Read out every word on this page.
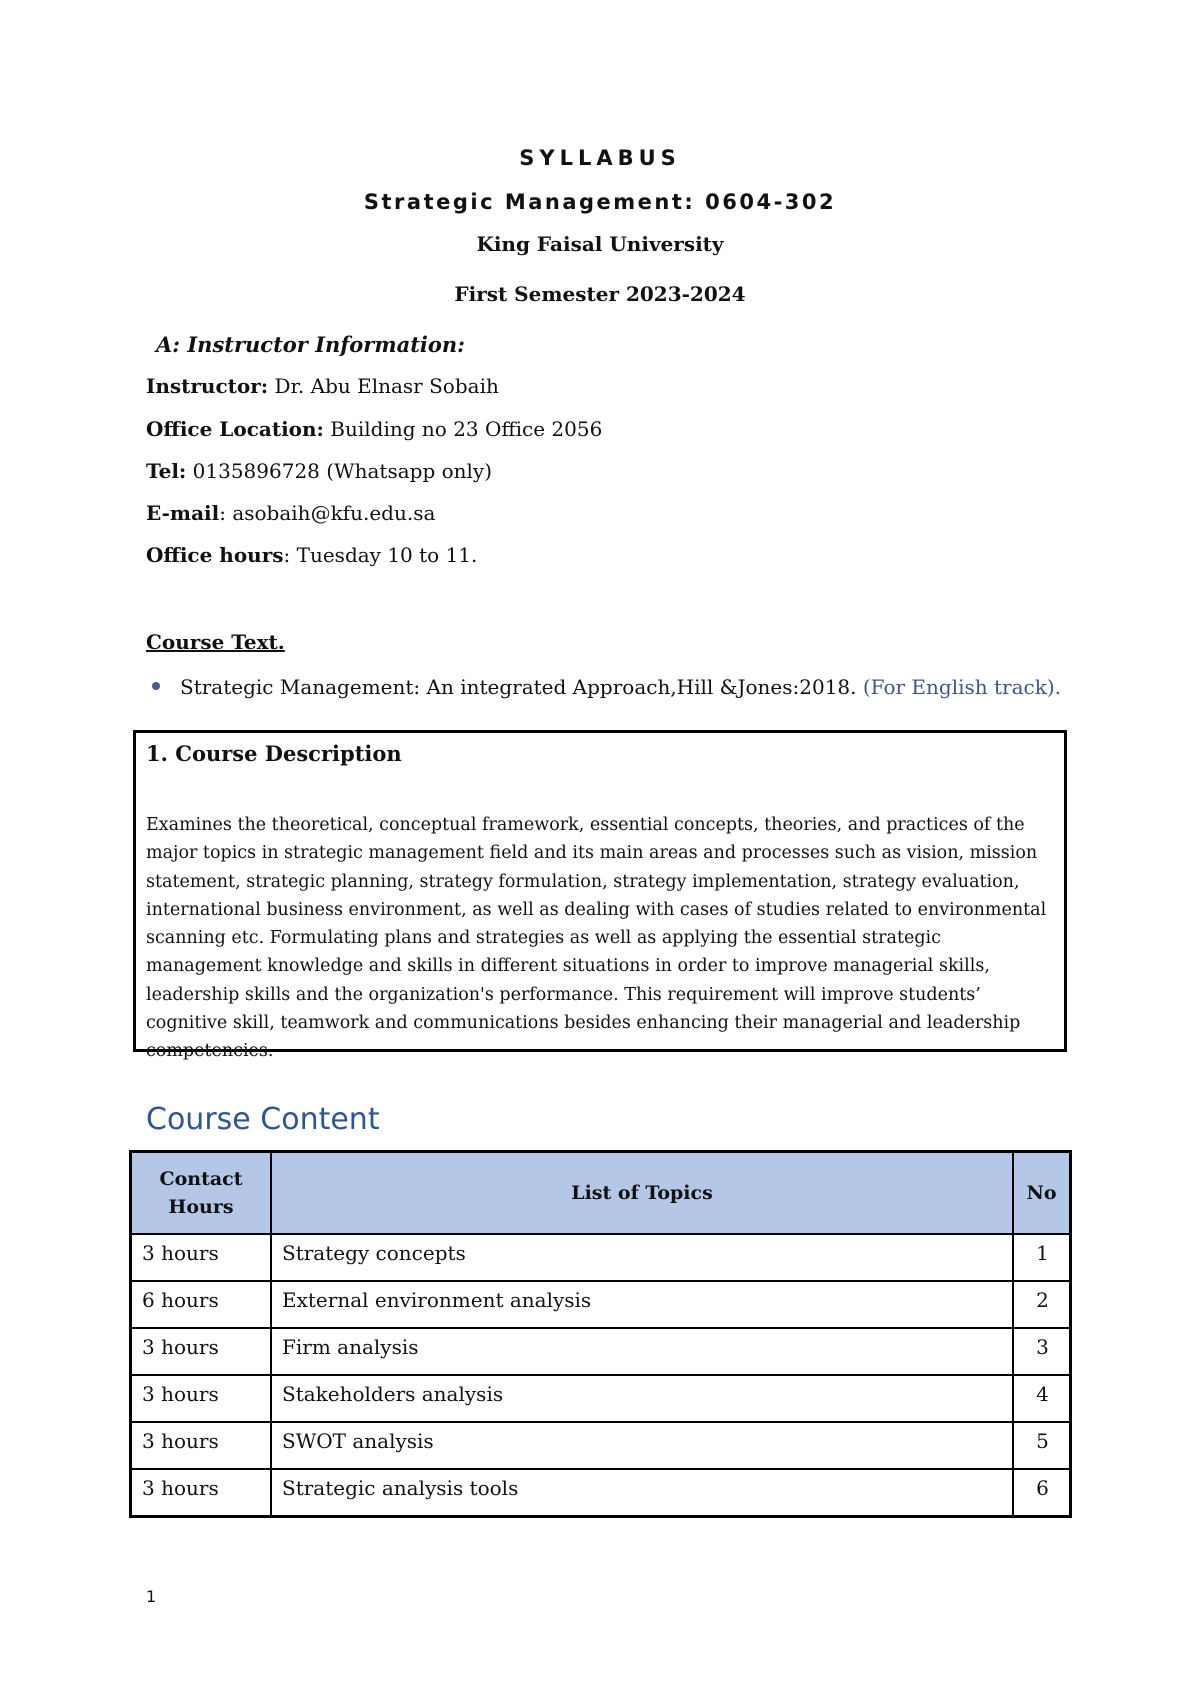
SYLLABUS
Strategic Management: 0604-302
King Faisal University
First Semester 2023-2024
A: Instructor Information:
Instructor: Dr. Abu Elnasr Sobaih
Office Location: Building no 23 Office 2056
Tel: 0135896728 (Whatsapp only)
E-mail: asobaih@kfu.edu.sa
Office hours: Tuesday 10 to 11.
Course Text.
Strategic Management: An integrated Approach,Hill &Jones:2018. (For English track).
1. Course Description
Examines the theoretical, conceptual framework, essential concepts, theories, and practices of the major topics in strategic management field and its main areas and processes such as vision, mission statement, strategic planning, strategy formulation, strategy implementation, strategy evaluation, international business environment, as well as dealing with cases of studies related to environmental scanning etc. Formulating plans and strategies as well as applying the essential strategic management knowledge and skills in different situations in order to improve managerial skills, leadership skills and the organization's performance. This requirement will improve students’ cognitive skill, teamwork and communications besides enhancing their managerial and leadership competencies.
Course Content
Contact Hours	List of Topics	No
3 hours	Strategy concepts	1
6 hours	External environment analysis	2
3 hours	Firm analysis	3
3 hours	Stakeholders analysis	4
3 hours	SWOT analysis	5
3 hours	Strategic analysis tools	6
1
